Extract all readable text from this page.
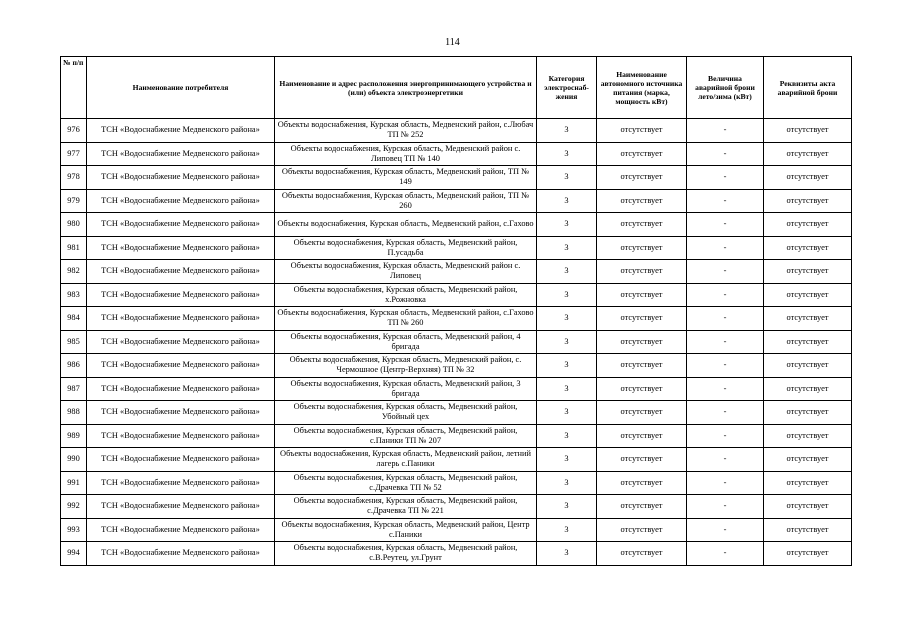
114
№ п/п	Наименование потребителя	Наименование и адрес расположения энергопринимающего устройства и (или) объекта электроэнергетики	Категория электроснаб-жения	Наименование автономного источника питания (марка, мощность кВт)	Величина аварийной брони лето/зима (кВт)	Реквизиты акта аварийной брони
976	ТСН «Водоснабжение Медвенского района»	Объекты водоснабжения, Курская область, Медвенский район, с.Любач ТП № 252	3	отсутствует	-	отсутствует
977	ТСН «Водоснабжение Медвенского района»	Объекты водоснабжения, Курская область, Медвенский район с. Липовец ТП № 140	3	отсутствует	-	отсутствует
978	ТСН «Водоснабжение Медвенского района»	Объекты водоснабжения, Курская область, Медвенский район, ТП № 149	3	отсутствует	-	отсутствует
979	ТСН «Водоснабжение Медвенского района»	Объекты водоснабжения, Курская область, Медвенский район, ТП № 260	3	отсутствует	-	отсутствует
980	ТСН «Водоснабжение Медвенского района»	Объекты водоснабжения, Курская область, Медвенский район, с.Гахово	3	отсутствует	-	отсутствует
981	ТСН «Водоснабжение Медвенского района»	Объекты водоснабжения, Курская область, Медвенский район, П.усадьба	3	отсутствует	-	отсутствует
982	ТСН «Водоснабжение Медвенского района»	Объекты водоснабжения, Курская область, Медвенский район с. Липовец	3	отсутствует	-	отсутствует
983	ТСН «Водоснабжение Медвенского района»	Объекты водоснабжения, Курская область, Медвенский район, х.Рожновка	3	отсутствует	-	отсутствует
984	ТСН «Водоснабжение Медвенского района»	Объекты водоснабжения, Курская область, Медвенский район, с.Гахово ТП № 260	3	отсутствует	-	отсутствует
985	ТСН «Водоснабжение Медвенского района»	Объекты водоснабжения, Курская область, Медвенский район, 4 бригада	3	отсутствует	-	отсутствует
986	ТСН «Водоснабжение Медвенского района»	Объекты водоснабжения, Курская область, Медвенский район, с. Чермошное (Центр-Верхняя) ТП № 32	3	отсутствует	-	отсутствует
987	ТСН «Водоснабжение Медвенского района»	Объекты водоснабжения, Курская область, Медвенский район, 3 бригада	3	отсутствует	-	отсутствует
988	ТСН «Водоснабжение Медвенского района»	Объекты водоснабжения, Курская область, Медвенский район, Убойный цех	3	отсутствует	-	отсутствует
989	ТСН «Водоснабжение Медвенского района»	Объекты водоснабжения, Курская область, Медвенский район, с.Паники ТП № 207	3	отсутствует	-	отсутствует
990	ТСН «Водоснабжение Медвенского района»	Объекты водоснабжения, Курская область, Медвенский район, летний лагерь с.Паники	3	отсутствует	-	отсутствует
991	ТСН «Водоснабжение Медвенского района»	Объекты водоснабжения, Курская область, Медвенский район, с.Драчевка ТП № 52	3	отсутствует	-	отсутствует
992	ТСН «Водоснабжение Медвенского района»	Объекты водоснабжения, Курская область, Медвенский район, с.Драчевка ТП № 221	3	отсутствует	-	отсутствует
993	ТСН «Водоснабжение Медвенского района»	Объекты водоснабжения, Курская область, Медвенский район, Центр с.Паники	3	отсутствует	-	отсутствует
994	ТСН «Водоснабжение Медвенского района»	Объекты водоснабжения, Курская область, Медвенский район, с.В.Реутец, ул.Грунт	3	отсутствует	-	отсутствует
